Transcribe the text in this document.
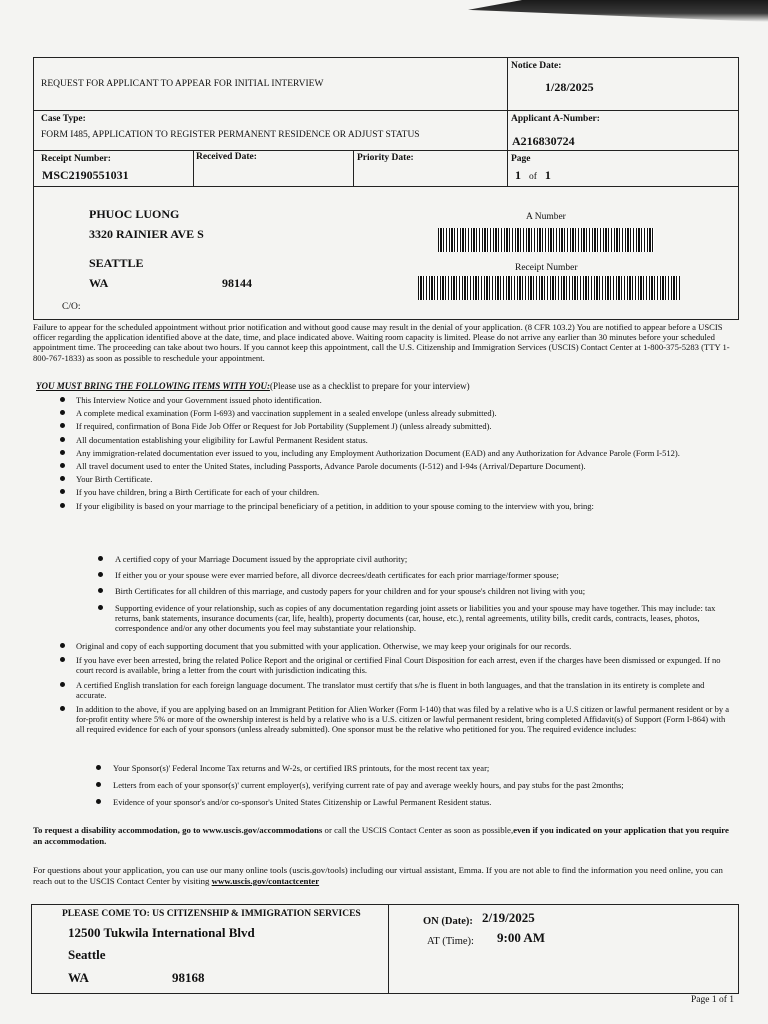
REQUEST FOR APPLICANT TO APPEAR FOR INITIAL INTERVIEW
Notice Date:
1/28/2025
Case Type:
FORM I485, APPLICATION TO REGISTER PERMANENT RESIDENCE OR ADJUST STATUS
Applicant A-Number:
A216830724
Receipt Number:
MSC2190551031
Received Date:	Priority Date:	Page
1 of 1
PHUOC LUONG
3320 RAINIER AVE S
SEATTLE
WA	98144
C/O:
A Number
Receipt Number
Failure to appear for the scheduled appointment without prior notification and without good cause may result in the denial of your application. (8 CFR 103.2) You are notified to appear before a USCIS officer regarding the application identified above at the date, time, and place indicated above. Waiting room capacity is limited. Please do not arrive any earlier than 30 minutes before your scheduled appointment time. The proceeding can take about two hours. If you cannot keep this appointment, call the U.S. Citizenship and Immigration Services (USCIS) Contact Center at 1-800-375-5283 (TTY 1-800-767-1833) as soon as possible to reschedule your appointment.
YOU MUST BRING THE FOLLOWING ITEMS WITH YOU:(Please use as a checklist to prepare for your interview)
This Interview Notice and your Government issued photo identification.
A complete medical examination (Form I-693) and vaccination supplement in a sealed envelope (unless already submitted).
If required, confirmation of Bona Fide Job Offer or Request for Job Portability (Supplement J) (unless already submitted).
All documentation establishing your eligibility for Lawful Permanent Resident status.
Any immigration-related documentation ever issued to you, including any Employment Authorization Document (EAD) and any Authorization for Advance Parole (Form I-512).
All travel document used to enter the United States, including Passports, Advance Parole documents (I-512) and I-94s (Arrival/Departure Document).
Your Birth Certificate.
If you have children, bring a Birth Certificate for each of your children.
If your eligibility is based on your marriage to the principal beneficiary of a petition, in addition to your spouse coming to the interview with you, bring:
A certified copy of your Marriage Document issued by the appropriate civil authority;
If either you or your spouse were ever married before, all divorce decrees/death certificates for each prior marriage/former spouse;
Birth Certificates for all children of this marriage, and custody papers for your children and for your spouse's children not living with you;
Supporting evidence of your relationship, such as copies of any documentation regarding joint assets or liabilities you and your spouse may have together. This may include: tax returns, bank statements, insurance documents (car, life, health), property documents (car, house, etc.), rental agreements, utility bills, credit cards, contracts, leases, photos, correspondence and/or any other documents you feel may substantiate your relationship.
Original and copy of each supporting document that you submitted with your application. Otherwise, we may keep your originals for our records.
If you have ever been arrested, bring the related Police Report and the original or certified Final Court Disposition for each arrest, even if the charges have been dismissed or expunged. If no court record is available, bring a letter from the court with jurisdiction indicating this.
A certified English translation for each foreign language document. The translator must certify that s/he is fluent in both languages, and that the translation in its entirety is complete and accurate.
In addition to the above, if you are applying based on an Immigrant Petition for Alien Worker (Form I-140) that was filed by a relative who is a U.S citizen or lawful permanent resident or by a for-profit entity where 5% or more of the ownership interest is held by a relative who is a U.S. citizen or lawful permanent resident, bring completed Affidavit(s) of Support (Form I-864) with all required evidence for each of your sponsors (unless already submitted). One sponsor must be the relative who petitioned for you. The required evidence includes:
Your Sponsor(s)' Federal Income Tax returns and W-2s, or certified IRS printouts, for the most recent tax year;
Letters from each of your sponsor(s)' current employer(s), verifying current rate of pay and average weekly hours, and pay stubs for the past 2months;
Evidence of your sponsor's and/or co-sponsor's United States Citizenship or Lawful Permanent Resident status.
To request a disability accommodation, go to www.uscis.gov/accommodations or call the USCIS Contact Center as soon as possible,even if you indicated on your application that you require an accommodation.
For questions about your application, you can use our many online tools (uscis.gov/tools) including our virtual assistant, Emma. If you are not able to find the information you need online, you can reach out to the USCIS Contact Center by visiting www.uscis.gov/contactcenter
PLEASE COME TO: US CITIZENSHIP & IMMIGRATION SERVICES
12500 Tukwila International Blvd
Seattle
WA	98168
ON (Date): 2/19/2025
AT (Time): 9:00 AM
Page 1 of 1
